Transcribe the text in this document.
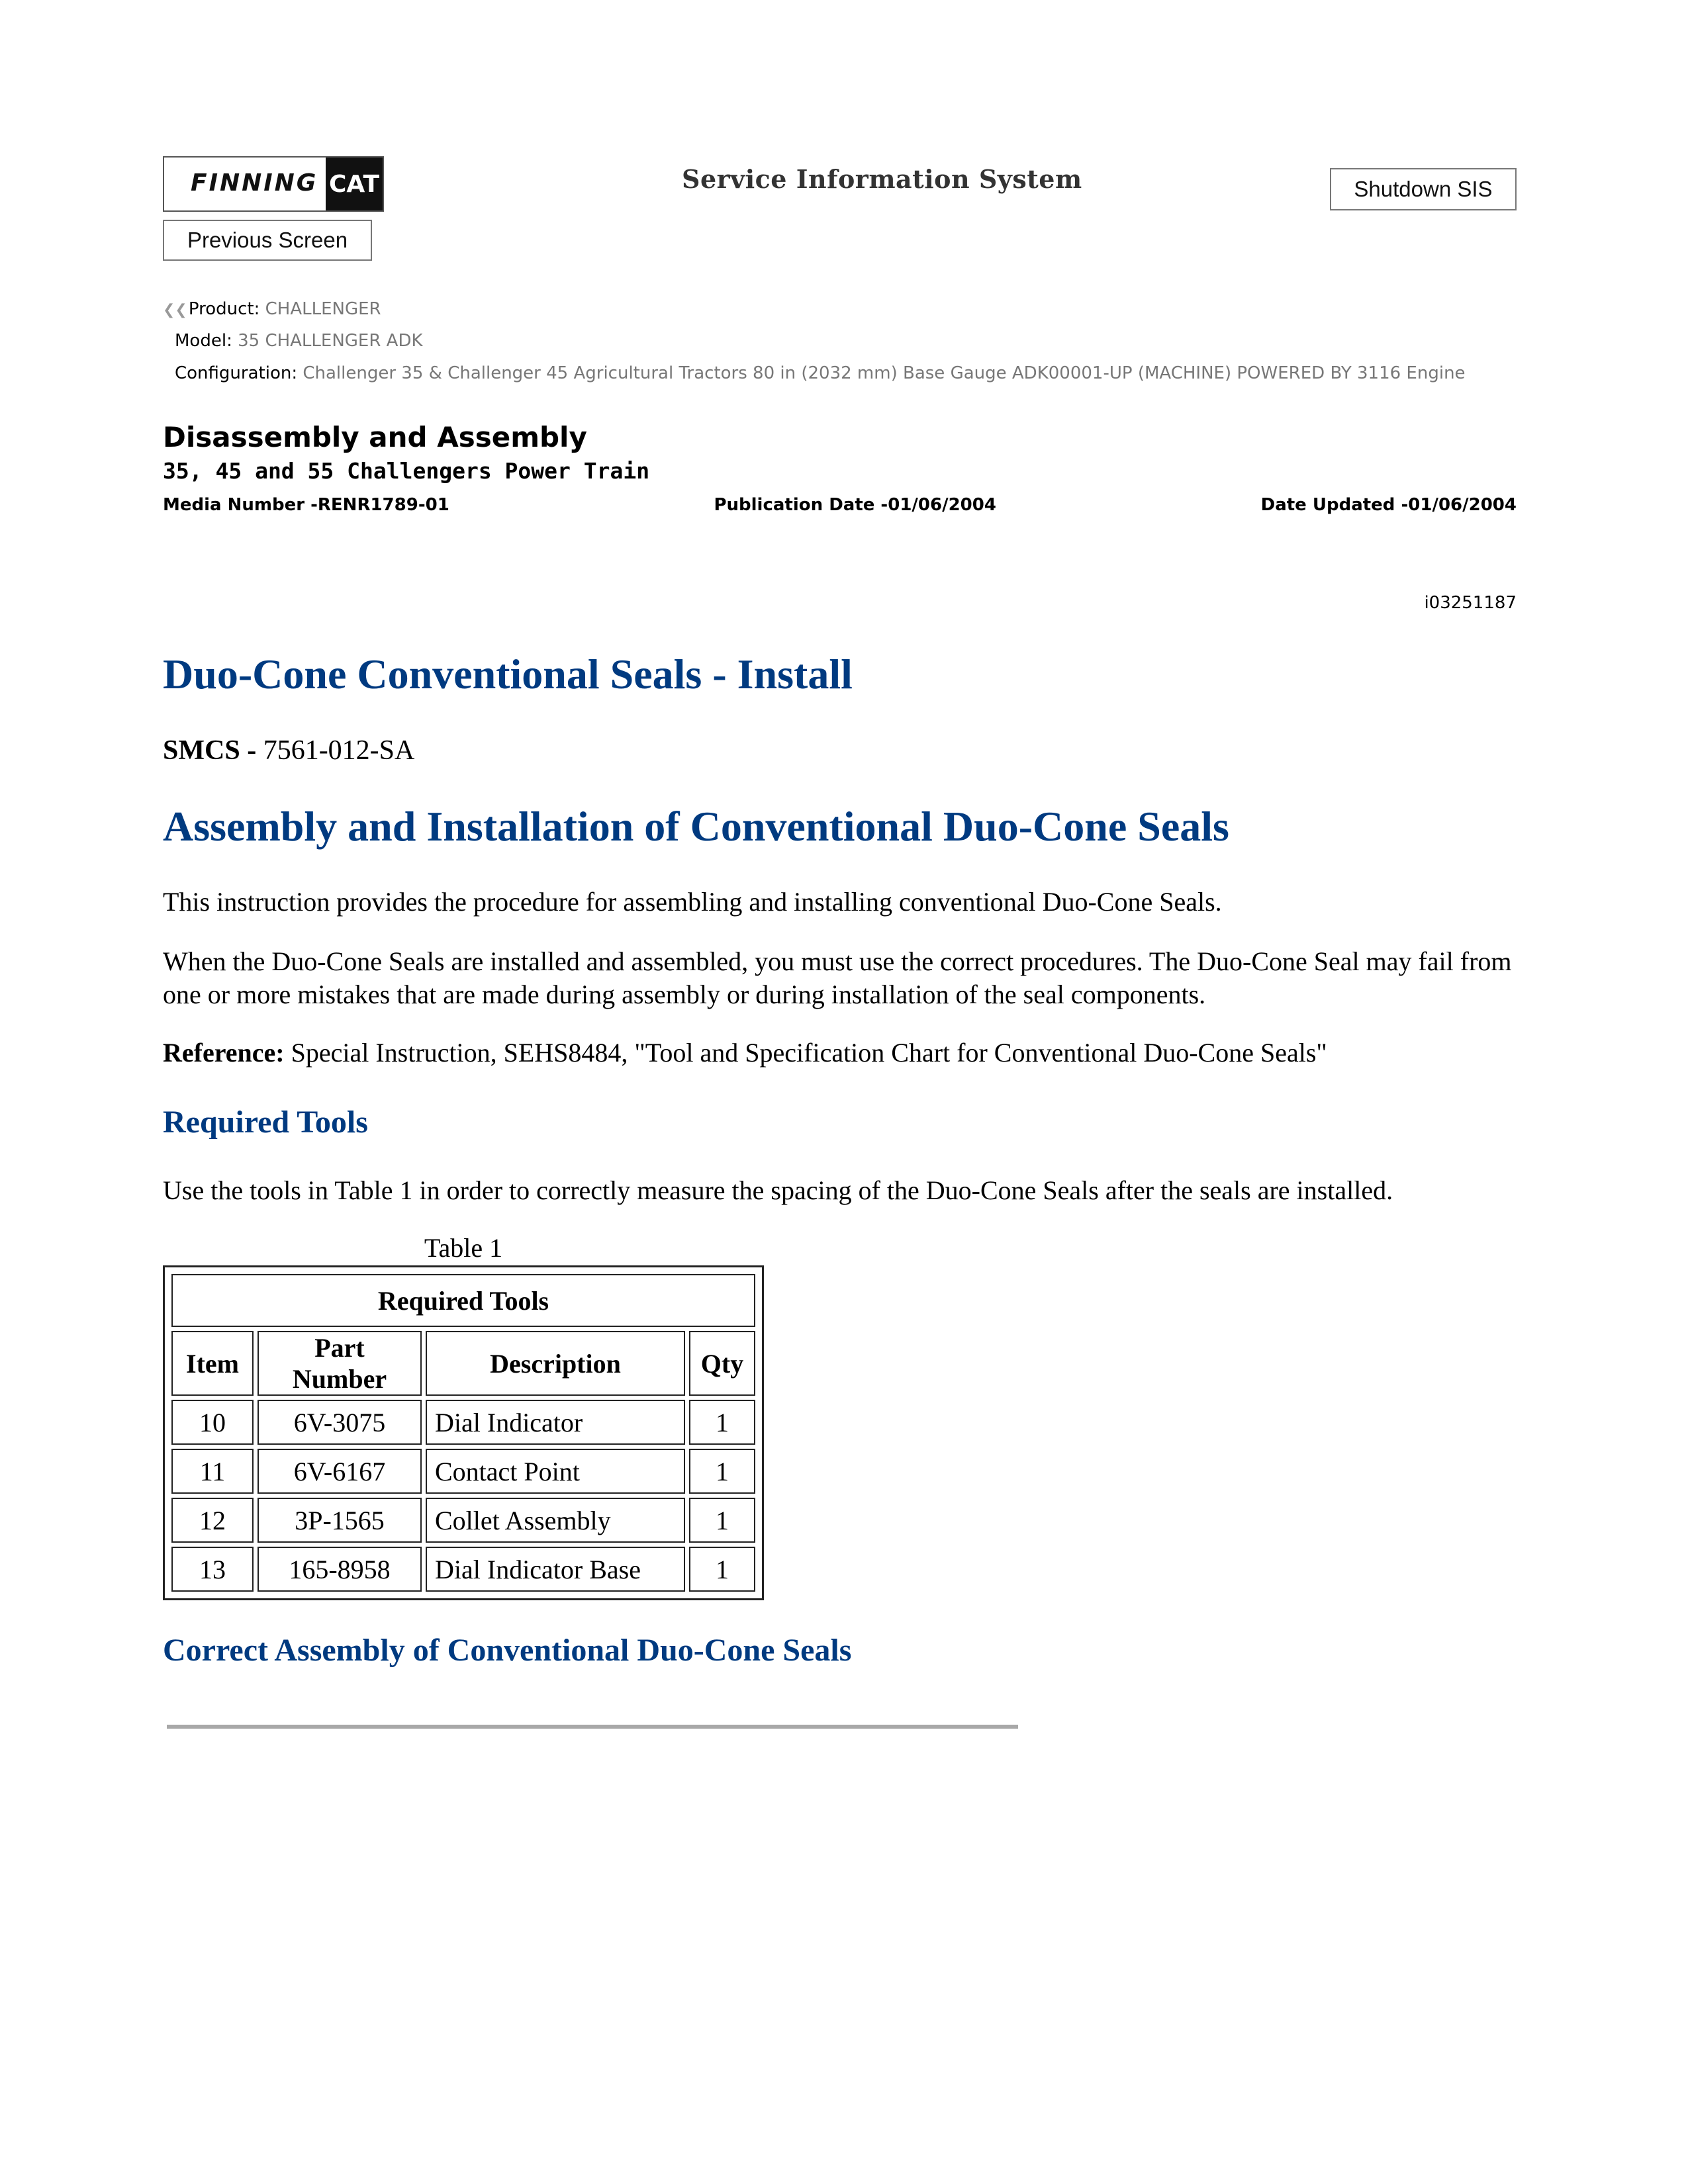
FINNING CAT	Service Information System	Shutdown SIS
Previous Screen
❮❮Product: CHALLENGER
Model: 35 CHALLENGER ADK
Configuration: Challenger 35 & Challenger 45 Agricultural Tractors 80 in (2032 mm) Base Gauge ADK00001-UP (MACHINE) POWERED BY 3116 Engine
Disassembly and Assembly
35, 45 and 55 Challengers Power Train
Media Number -RENR1789-01	Publication Date -01/06/2004	Date Updated -01/06/2004
i03251187
Duo-Cone Conventional Seals - Install
SMCS - 7561-012-SA
Assembly and Installation of Conventional Duo-Cone Seals
This instruction provides the procedure for assembling and installing conventional Duo-Cone Seals.
When the Duo-Cone Seals are installed and assembled, you must use the correct procedures. The Duo-Cone Seal may fail from one or more mistakes that are made during assembly or during installation of the seal components.
Reference: Special Instruction, SEHS8484, "Tool and Specification Chart for Conventional Duo-Cone Seals"
Required Tools
Use the tools in Table 1 in order to correctly measure the spacing of the Duo-Cone Seals after the seals are installed.
Table 1
Required Tools			
Item	Part Number	Description	Qty
10	6V-3075	Dial Indicator	1
11	6V-6167	Contact Point	1
12	3P-1565	Collet Assembly	1
13	165-8958	Dial Indicator Base	1
Correct Assembly of Conventional Duo-Cone Seals
